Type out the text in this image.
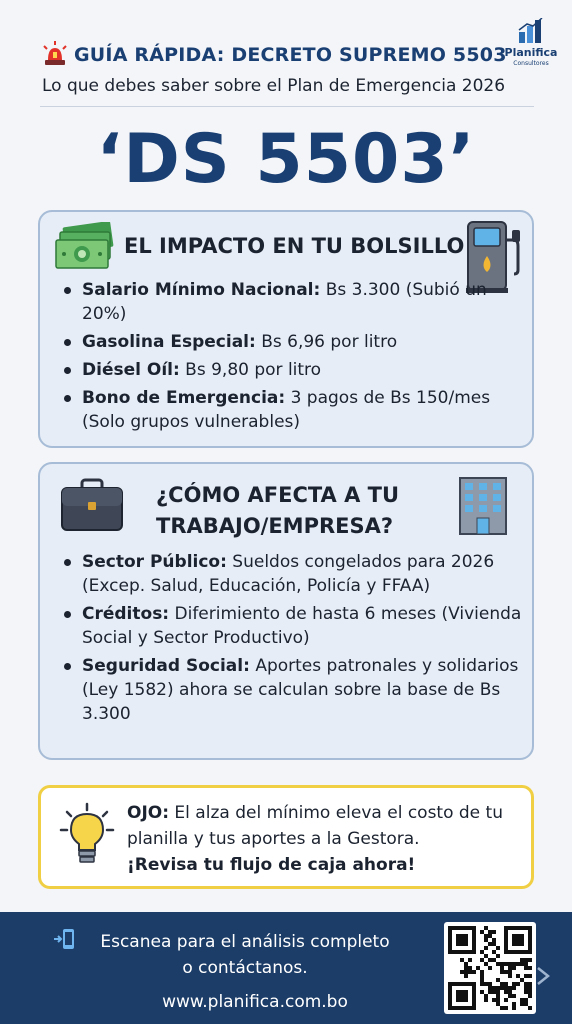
GUÍA RÁPIDA: DECRETO SUPREMO 5503
Lo que debes saber sobre el Plan de Emergencia 2026
Planifica
Consultores
‘DS 5503’
EL IMPACTO EN TU BOLSILLO
Salario Mínimo Nacional: Bs 3.300 (Subió un 20%)
Gasolina Especial: Bs 6,96 por litro
Diésel Oíl: Bs 9,80 por litro
Bono de Emergencia: 3 pagos de Bs 150/mes (Solo grupos vulnerables)
¿CÓMO AFECTA A TU TRABAJO/EMPRESA?
Sector Público: Sueldos congelados para 2026 (Excep. Salud, Educación, Policía y FFAA)
Créditos: Diferimiento de hasta 6 meses (Vivienda Social y Sector Productivo)
Seguridad Social: Aportes patronales y solidarios (Ley 1582) ahora se calculan sobre la base de Bs 3.300
OJO: El alza del mínimo eleva el costo de tu planilla y tus aportes a la Gestora.
¡Revisa tu flujo de caja ahora!
Escanea para el análisis completo
o contáctanos.
www.planifica.com.bo
